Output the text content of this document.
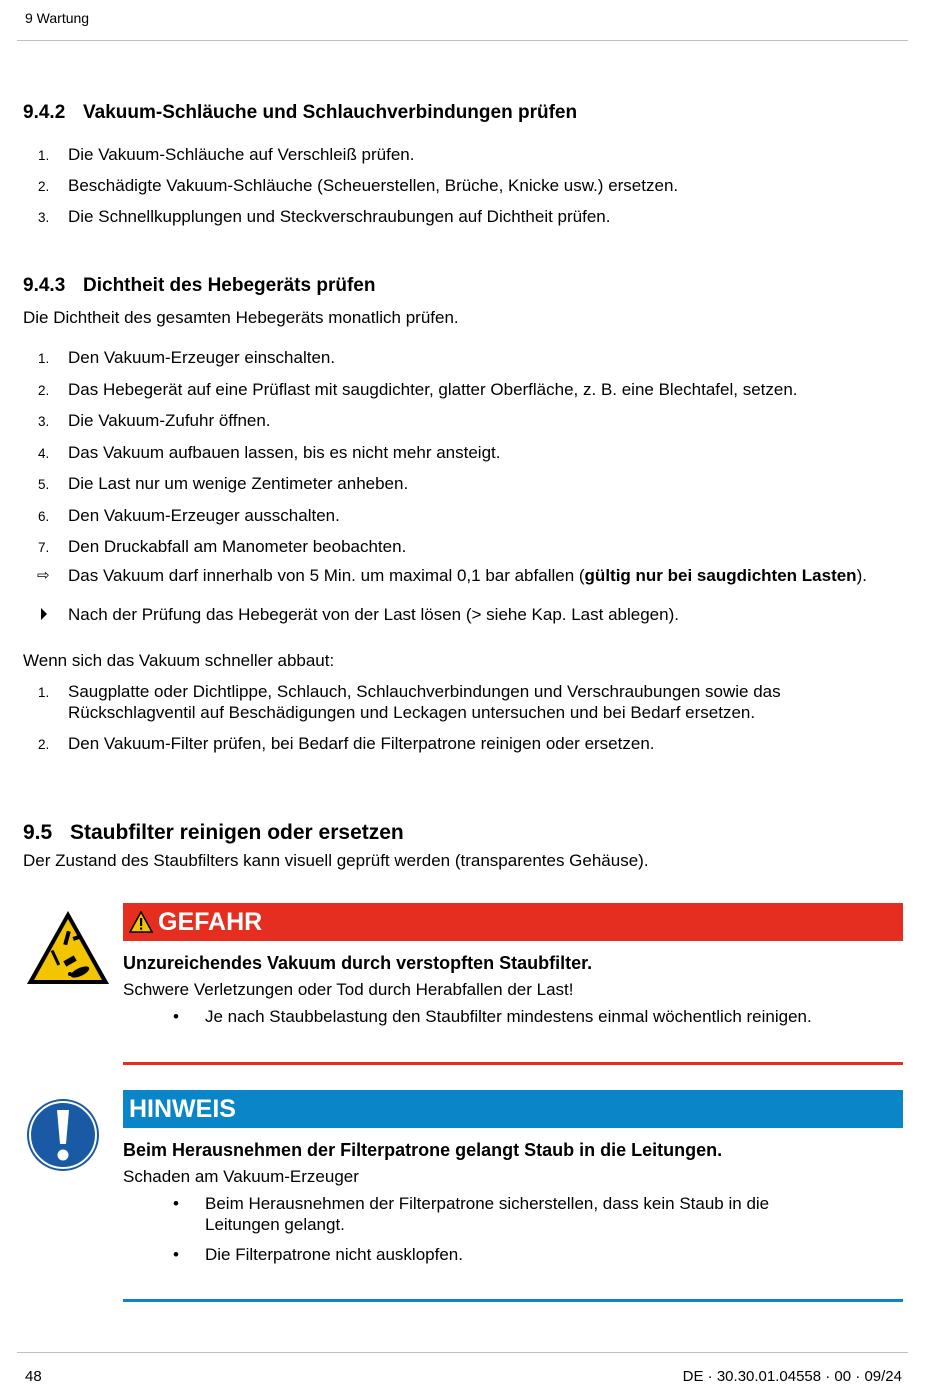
9 Wartung
9.4.2 Vakuum-Schläuche und Schlauchverbindungen prüfen
1. Die Vakuum-Schläuche auf Verschleiß prüfen.
2. Beschädigte Vakuum-Schläuche (Scheuerstellen, Brüche, Knicke usw.) ersetzen.
3. Die Schnellkupplungen und Steckverschraubungen auf Dichtheit prüfen.
9.4.3 Dichtheit des Hebegeräts prüfen

Die Dichtheit des gesamten Hebegeräts monatlich prüfen.

1. Den Vakuum-Erzeuger einschalten.
2. Das Hebegerät auf eine Prüflast mit saugdichter, glatter Oberfläche, z. B. eine Blechtafel, setzen.
3. Die Vakuum-Zufuhr öffnen.
4. Das Vakuum aufbauen lassen, bis es nicht mehr ansteigt.
5. Die Last nur um wenige Zentimeter anheben.
6. Den Vakuum-Erzeuger ausschalten.
7. Den Druckabfall am Manometer beobachten.
⇨ Das Vakuum darf innerhalb von 5 Min. um maximal 0,1 bar abfallen (gültig nur bei saugdichten Lasten).
Nach der Prüfung das Hebegerät von der Last lösen (> siehe Kap. Last ablegen).

Wenn sich das Vakuum schneller abbaut:

1. Saugplatte oder Dichtlippe, Schlauch, Schlauchverbindungen und Verschraubungen sowie das Rückschlagventil auf Beschädigungen und Leckagen untersuchen und bei Bedarf ersetzen.
2. Den Vakuum-Filter prüfen, bei Bedarf die Filterpatrone reinigen oder ersetzen.
9.5 Staubfilter reinigen oder ersetzen

Der Zustand des Staubfilters kann visuell geprüft werden (transparentes Gehäuse).

GEFAHR
Unzureichendes Vakuum durch verstopften Staubfilter.
Schwere Verletzungen oder Tod durch Herabfallen der Last!
• Je nach Staubbelastung den Staubfilter mindestens einmal wöchentlich reinigen.
HINWEIS
Beim Herausnehmen der Filterpatrone gelangt Staub in die Leitungen.
Schaden am Vakuum-Erzeuger
• Beim Herausnehmen der Filterpatrone sicherstellen, dass kein Staub in die Leitungen gelangt.
• Die Filterpatrone nicht ausklopfen.
48	DE · 30.30.01.04558 · 00 · 09/24
